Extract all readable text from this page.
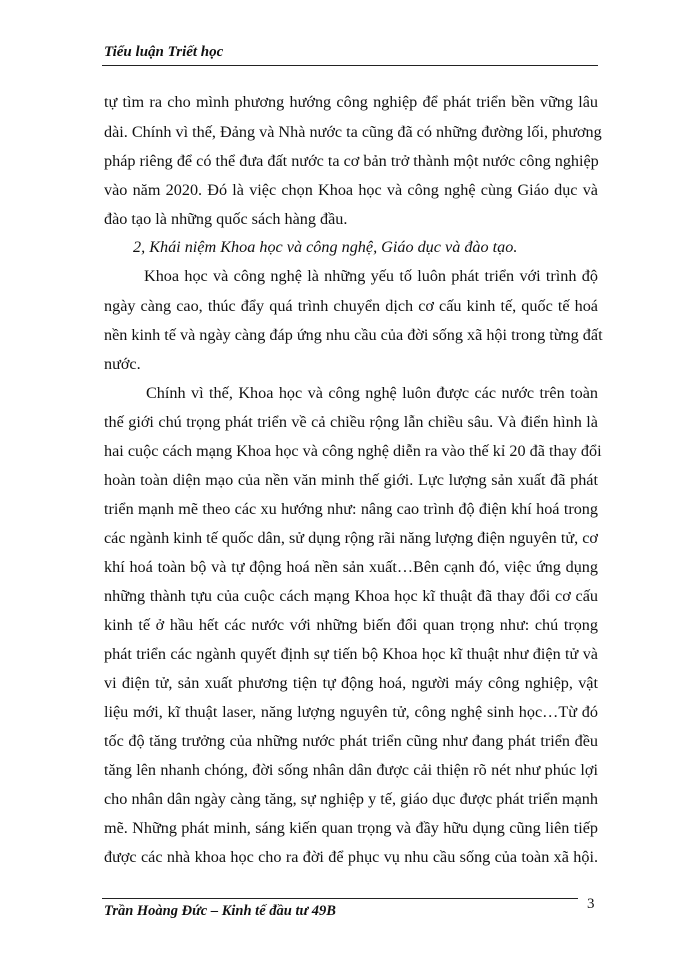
Tiểu luận Triết học
tự tìm ra cho mình phương hướng công nghiệp để phát triển bền vững lâu
dài. Chính vì thế, Đảng và Nhà nước ta cũng đã có những đường lối, phương
pháp riêng để có thể đưa đất nước ta cơ bản trở thành một nước công nghiệp
vào năm 2020. Đó là việc chọn Khoa học và công nghệ cùng Giáo dục và
đào tạo là những quốc sách hàng đầu.
2, Khái niệm Khoa học và công nghệ, Giáo dục và đào tạo.
Khoa học và công nghệ là những yếu tố luôn phát triển với trình độ
ngày càng cao, thúc đẩy quá trình chuyển dịch cơ cấu kinh tế, quốc tế hoá
nền kinh tế và ngày càng đáp ứng nhu cầu của đời sống xã hội trong từng đất
nước.
Chính vì thế, Khoa học và công nghệ luôn được các nước trên toàn
thế giới chú trọng phát triển về cả chiều rộng lẫn chiều sâu. Và điển hình là
hai cuộc cách mạng Khoa học và công nghệ diễn ra vào thế kỉ 20 đã thay đổi
hoàn toàn diện mạo của nền văn minh thế giới. Lực lượng sản xuất đã phát
triển mạnh mẽ theo các xu hướng như: nâng cao trình độ điện khí hoá trong
các ngành kinh tế quốc dân, sử dụng rộng rãi năng lượng điện nguyên tử, cơ
khí hoá toàn bộ và tự động hoá nền sản xuất…Bên cạnh đó, việc ứng dụng
những thành tựu của cuộc cách mạng Khoa học kĩ thuật đã thay đổi cơ cấu
kinh tế ở hầu hết các nước với những biến đổi quan trọng như: chú trọng
phát triển các ngành quyết định sự tiến bộ Khoa học kĩ thuật như điện tử và
vi điện tử, sản xuất phương tiện tự động hoá, người máy công nghiệp, vật
liệu mới, kĩ thuật laser, năng lượng nguyên tử, công nghệ sinh học…Từ đó
tốc độ tăng trưởng của những nước phát triển cũng như đang phát triển đều
tăng lên nhanh chóng, đời sống nhân dân được cải thiện rõ nét như phúc lợi
cho nhân dân ngày càng tăng, sự nghiệp y tế, giáo dục được phát triển mạnh
mẽ. Những phát minh, sáng kiến quan trọng và đầy hữu dụng cũng liên tiếp
được các nhà khoa học cho ra đời để phục vụ nhu cầu sống của toàn xã hội.
Trần Hoàng Đức – Kinh tế đầu tư 49B	3
